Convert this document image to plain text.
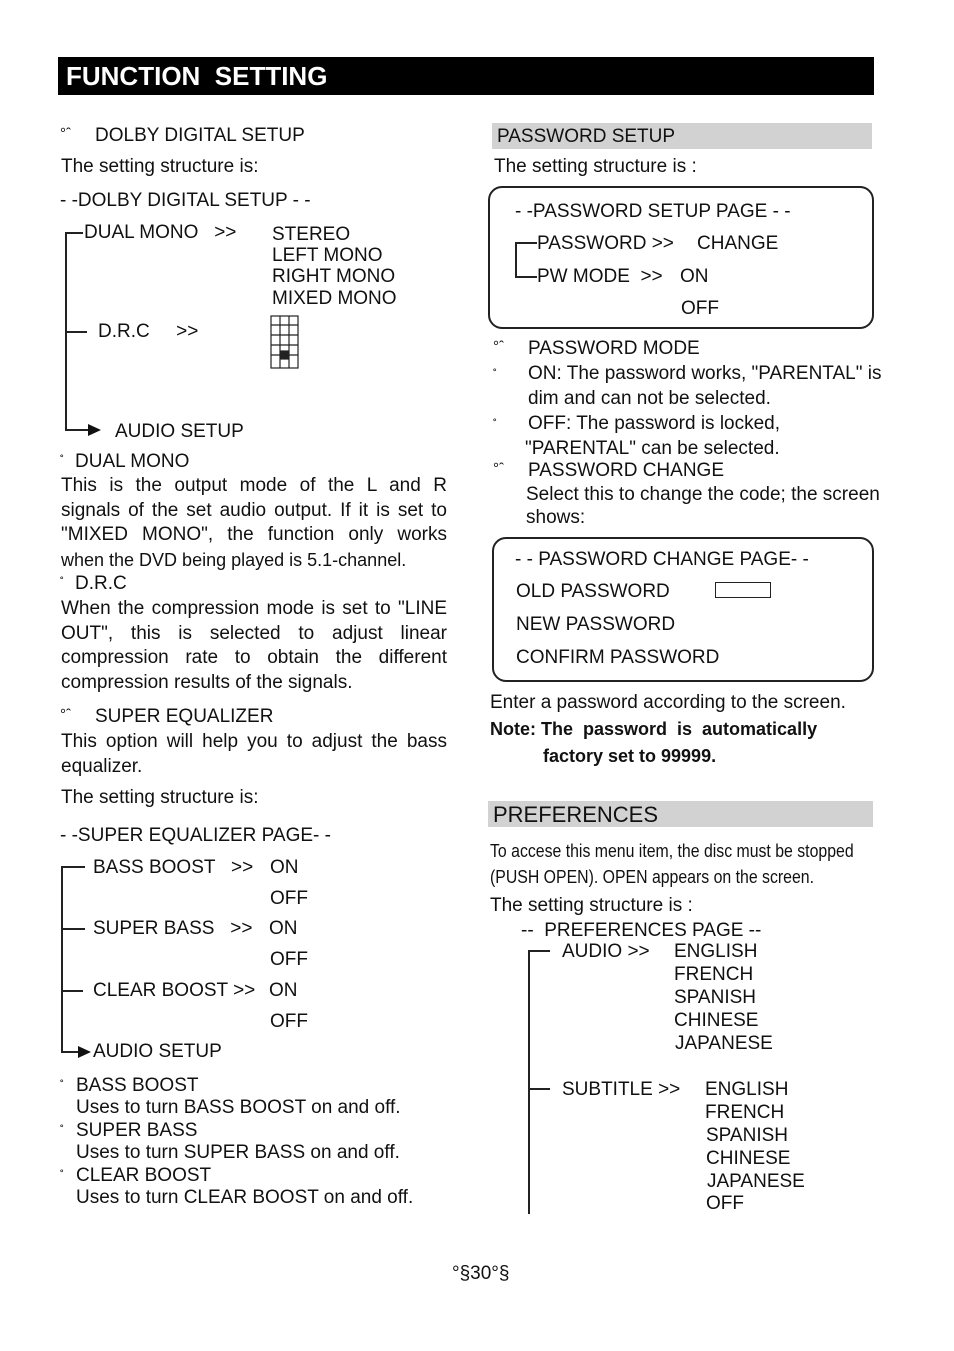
FUNCTION  SETTING
°ˆ DOLBY DIGITAL SETUP
The setting structure is:
- -DOLBY DIGITAL SETUP - -
DUAL MONO   >> STEREO
LEFT MONO
RIGHT MONO
MIXED MONO
D.R.C     >>
AUDIO SETUP
˚ DUAL MONO
This is the output mode of the L and R
signals of the set audio output. If it is set to
"MIXED MONO", the function only works
when the DVD being played is 5.1-channel.
˚ D.R.C
When the compression mode is set to "LINE
OUT", this is selected to adjust linear
compression rate to obtain the different
compression results of the signals.
°ˆ SUPER EQUALIZER
This option will help you to adjust the bass
equalizer.
The setting structure is:
- -SUPER EQUALIZER PAGE- -
BASS BOOST   >> ON
OFF
SUPER BASS   >> ON
OFF
CLEAR BOOST >> ON
OFF
AUDIO SETUP
˚ BASS BOOST
Uses to turn BASS BOOST on and off.
˚ SUPER BASS
Uses to turn SUPER BASS on and off.
˚ CLEAR BOOST
Uses to turn CLEAR BOOST on and off.
PASSWORD SETUP
The setting structure is :
- -PASSWORD SETUP PAGE - -
PASSWORD >> CHANGE
PW MODE  >> ON
OFF
°ˆ PASSWORD MODE
˚ ON: The password works, "PARENTAL" is
dim and can not be selected.
˚ OFF: The password is locked,
"PARENTAL" can be selected.
°ˆ PASSWORD CHANGE
Select this to change the code; the screen
shows:
- - PASSWORD CHANGE PAGE- -
OLD PASSWORD
NEW PASSWORD
CONFIRM PASSWORD
Enter a password according to the screen.
Note: The  password  is  automatically
factory set to 99999.
PREFERENCES
To accese this menu item, the disc must be stopped
(PUSH OPEN). OPEN appears on the screen.
The setting structure is :
--  PREFERENCES PAGE --
AUDIO >> ENGLISH
FRENCH
SPANISH
CHINESE
JAPANESE
SUBTITLE >> ENGLISH
FRENCH
SPANISH
CHINESE
JAPANESE
OFF
°§30°§
